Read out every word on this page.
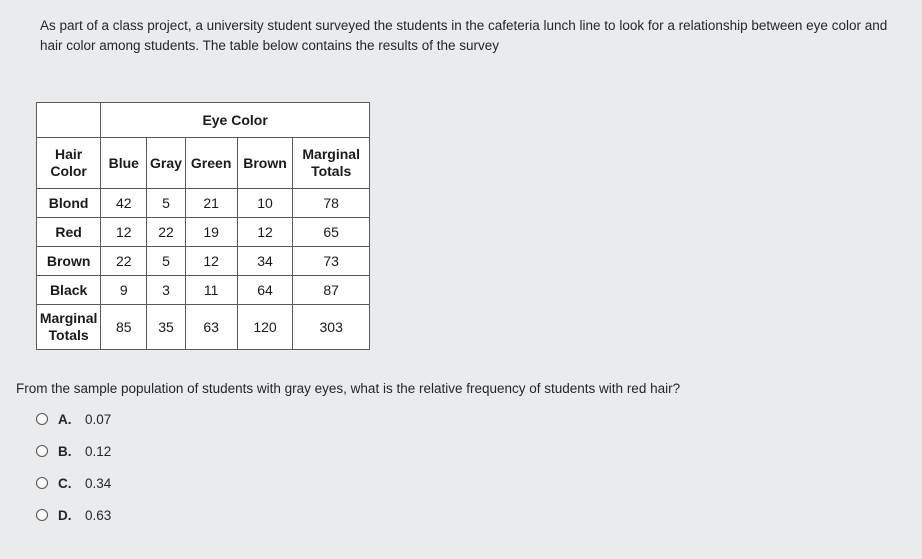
As part of a class project, a university student surveyed the students in the cafeteria lunch line to look for a relationship between eye color and hair color among students. The table below contains the results of the survey
	Eye Color				
Hair Color	Blue	Gray	Green	Brown	Marginal Totals
Blond	42	5	21	10	78
Red	12	22	19	12	65
Brown	22	5	12	34	73
Black	9	3	11	64	87
Marginal Totals	85	35	63	120	303
From the sample population of students with gray eyes, what is the relative frequency of students with red hair?
A.	0.07
B.	0.12
C.	0.34
D.	0.63
